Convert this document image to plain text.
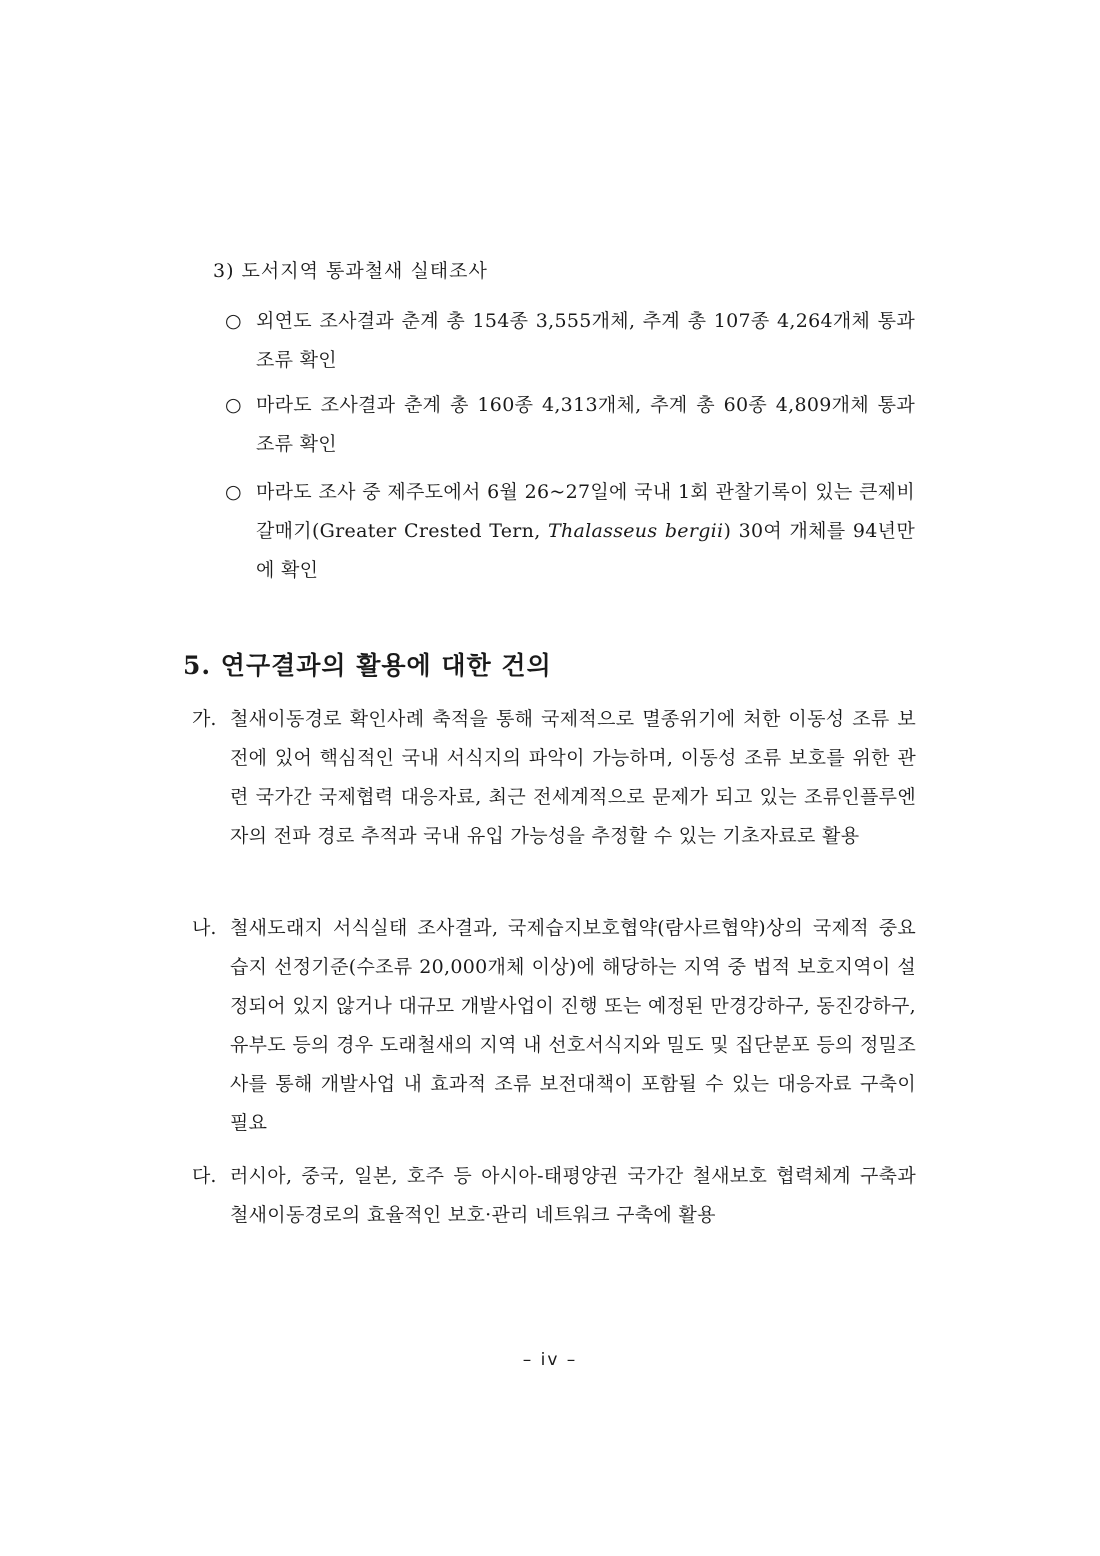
3) 도서지역 통과철새 실태조사
○ 외연도 조사결과 춘계 총 154종 3,555개체, 추계 총 107종 4,264개체 통과 조류 확인
○ 마라도 조사결과 춘계 총 160종 4,313개체, 추계 총 60종 4,809개체 통과 조류 확인
○ 마라도 조사 중 제주도에서 6월 26~27일에 국내 1회 관찰기록이 있는 큰제비갈매기(Greater Crested Tern, Thalasseus bergii) 30여 개체를 94년만에 확인
5. 연구결과의 활용에 대한 건의
가. 철새이동경로 확인사례 축적을 통해 국제적으로 멸종위기에 처한 이동성 조류 보전에 있어 핵심적인 국내 서식지의 파악이 가능하며, 이동성 조류 보호를 위한 관련 국가간 국제협력 대응자료, 최근 전세계적으로 문제가 되고 있는 조류인플루엔자의 전파 경로 추적과 국내 유입 가능성을 추정할 수 있는 기초자료로 활용
나. 철새도래지 서식실태 조사결과, 국제습지보호협약(람사르협약)상의 국제적 중요습지 선정기준(수조류 20,000개체 이상)에 해당하는 지역 중 법적 보호지역이 설정되어 있지 않거나 대규모 개발사업이 진행 또는 예정된 만경강하구, 동진강하구, 유부도 등의 경우 도래철새의 지역 내 선호서식지와 밀도 및 집단분포 등의 정밀조사를 통해 개발사업 내 효과적 조류 보전대책이 포함될 수 있는 대응자료 구축이 필요
다. 러시아, 중국, 일본, 호주 등 아시아-태평양권 국가간 철새보호 협력체계 구축과 철새이동경로의 효율적인 보호·관리 네트워크 구축에 활용
– iv –
